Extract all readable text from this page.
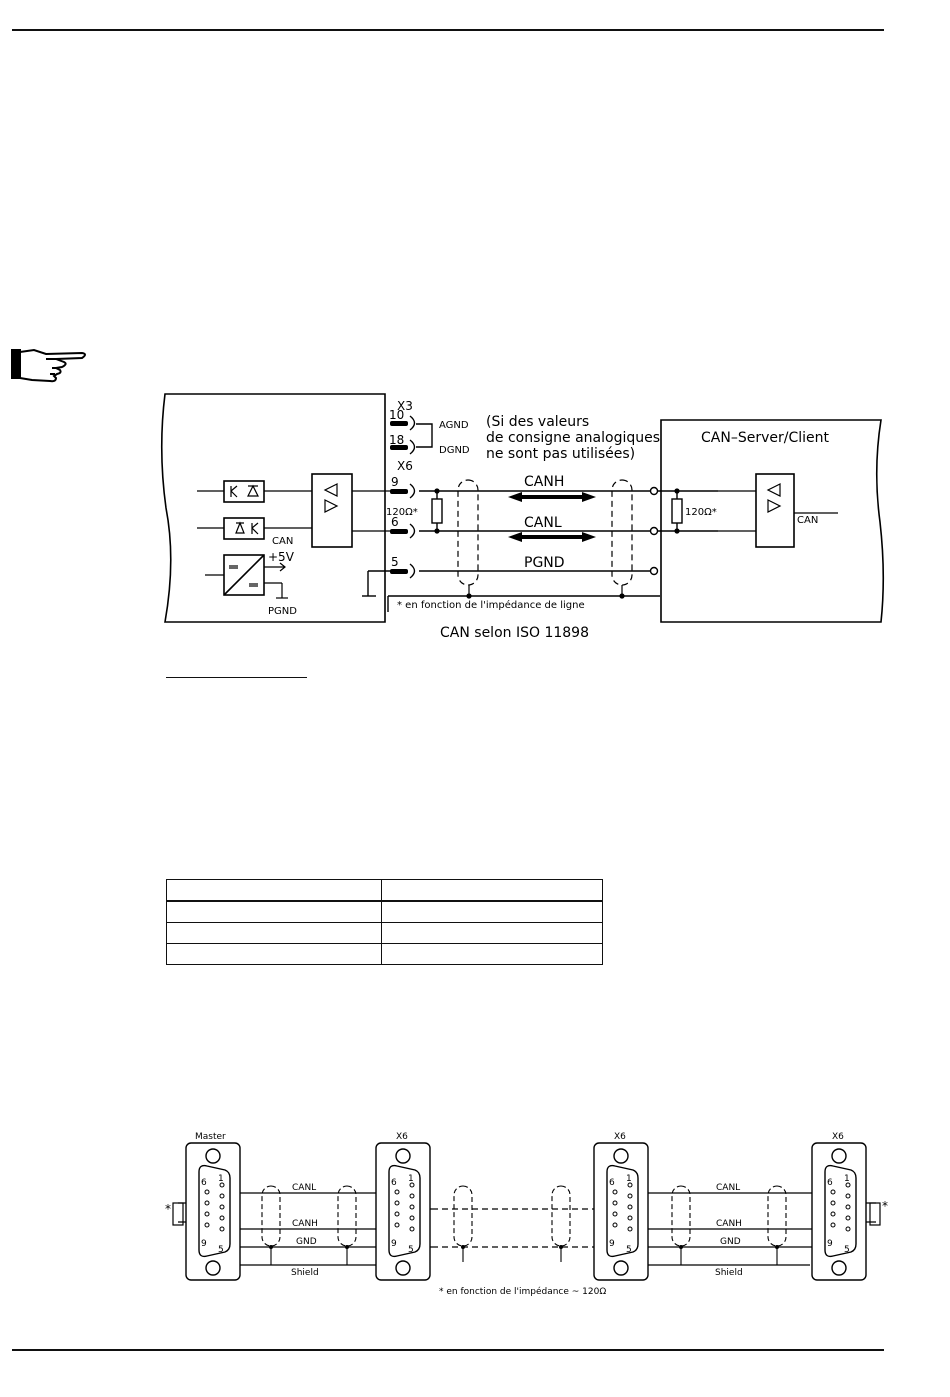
X3
10
AGND
18
DGND
X6
9
120Ω*
6
5
(Si des valeurs
de consigne analogiques
ne sont pas utilisées)
CANH
CANL
PGND
CAN–Server/Client
120Ω*
CAN
CAN
+5V
PGND
* en fonction de l'impédance de ligne
CAN selon ISO 11898

Master	X6	X6	X6
6 1
9
5
6 1
9
5
6 1
9
5
6 1
9
5
CANL
CANH
GND
Shield
CANL
CANH
GND
Shield
*	*
* en fonction de l'impédance ~ 120Ω
